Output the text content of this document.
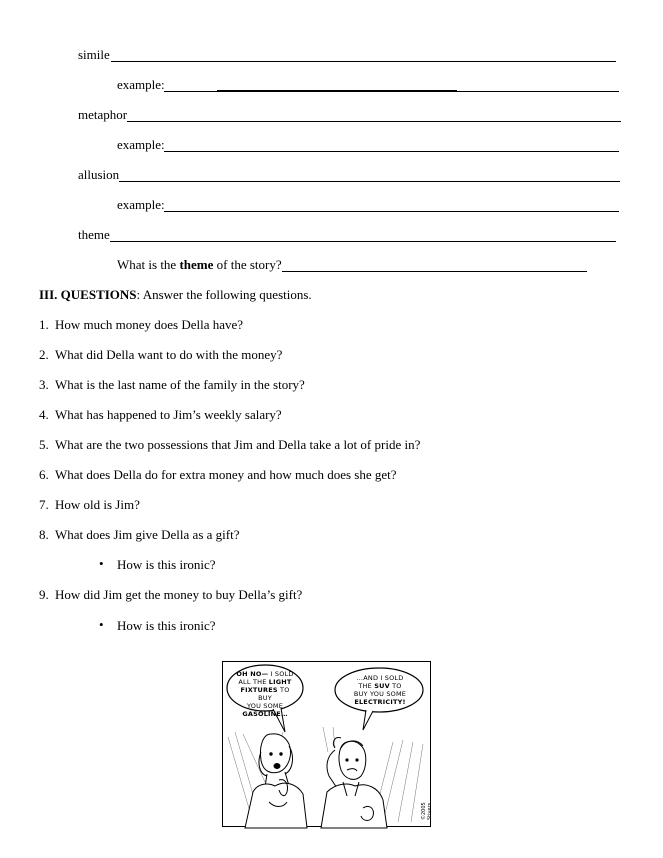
simile
example:
metaphor
example:
allusion
example:
theme
What is the theme of the story?
III. QUESTIONS: Answer the following questions.
1. How much money does Della have?
2. What did Della want to do with the money?
3. What is the last name of the family in the story?
4. What has happened to Jim’s weekly salary?
5. What are the two possessions that Jim and Della take a lot of pride in?
6. What does Della do for extra money and how much does she get?
7. How old is Jim?
8. What does Jim give Della as a gift?
• How is this ironic?
9. How did Jim get the money to buy Della’s gift?
• How is this ironic?
OH NO— I SOLD
ALL THE LIGHT
FIXTURES TO BUY
YOU SOME
GASOLINE…
…AND I SOLD
THE SUV TO
BUY YOU SOME
ELECTRICITY!
©2005 Stivers
